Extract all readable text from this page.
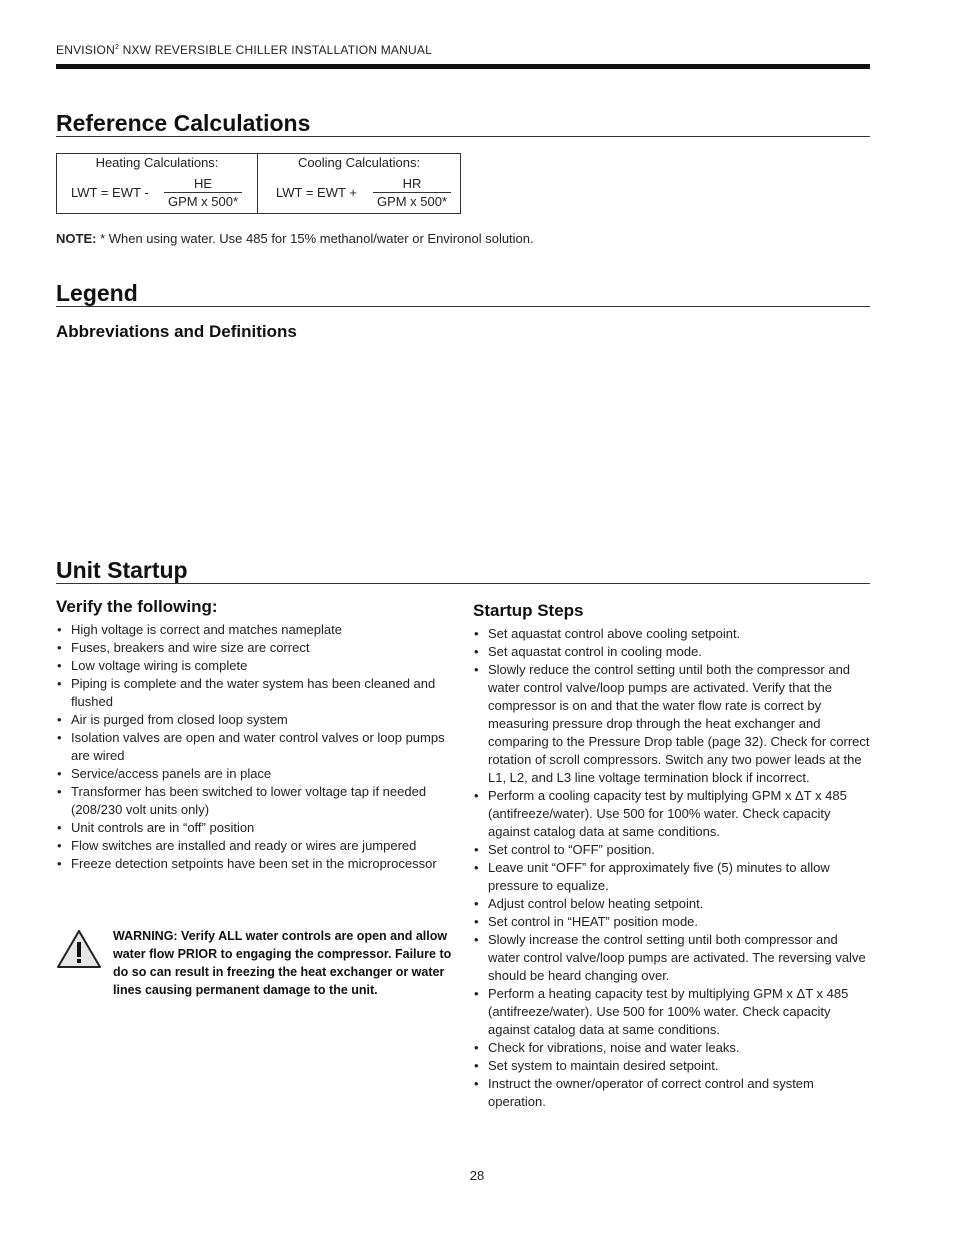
ENVISION$^2$ NXW REVERSIBLE CHILLER INSTALLATION MANUAL
Reference Calculations
Heating Calculations:
LWT = EWT -
HE
GPM x 500*

Cooling Calculations:
LWT = EWT +
HR
GPM x 500*
NOTE: * When using water. Use 485 for 15% methanol/water or Environol solution.
Legend
Abbreviations and Definitions
Unit Startup
Verify the following:
• High voltage is correct and matches nameplate
• Fuses, breakers and wire size are correct
• Low voltage wiring is complete
• Piping is complete and the water system has been cleaned and flushed
• Air is purged from closed loop system
• Isolation valves are open and water control valves or loop pumps are wired
• Service/access panels are in place
• Transformer has been switched to lower voltage tap if needed (208/230 volt units only)
• Unit controls are in “off” position
• Flow switches are installed and ready or wires are jumpered
• Freeze detection setpoints have been set in the microprocessor
WARNING: Verify ALL water controls are open and allow water flow PRIOR to engaging the compressor. Failure to do so can result in freezing the heat exchanger or water lines causing permanent damage to the unit.
Startup Steps
• Set aquastat control above cooling setpoint.
• Set aquastat control in cooling mode.
• Slowly reduce the control setting until both the compressor and water control valve/loop pumps are activated. Verify that the compressor is on and that the water flow rate is correct by measuring pressure drop through the heat exchanger and comparing to the Pressure Drop table (page 32). Check for correct rotation of scroll compressors. Switch any two power leads at the L1, L2, and L3 line voltage termination block if incorrect.
• Perform a cooling capacity test by multiplying GPM x ΔT x 485 (antifreeze/water). Use 500 for 100% water. Check capacity against catalog data at same conditions.
• Set control to “OFF” position.
• Leave unit “OFF” for approximately five (5) minutes to allow pressure to equalize.
• Adjust control below heating setpoint.
• Set control in “HEAT” position mode.
• Slowly increase the control setting until both compressor and water control valve/loop pumps are activated. The reversing valve should be heard changing over.
• Perform a heating capacity test by multiplying GPM x ΔT x 485 (antifreeze/water). Use 500 for 100% water. Check capacity against catalog data at same conditions.
• Check for vibrations, noise and water leaks.
• Set system to maintain desired setpoint.
• Instruct the owner/operator of correct control and system operation.
28
